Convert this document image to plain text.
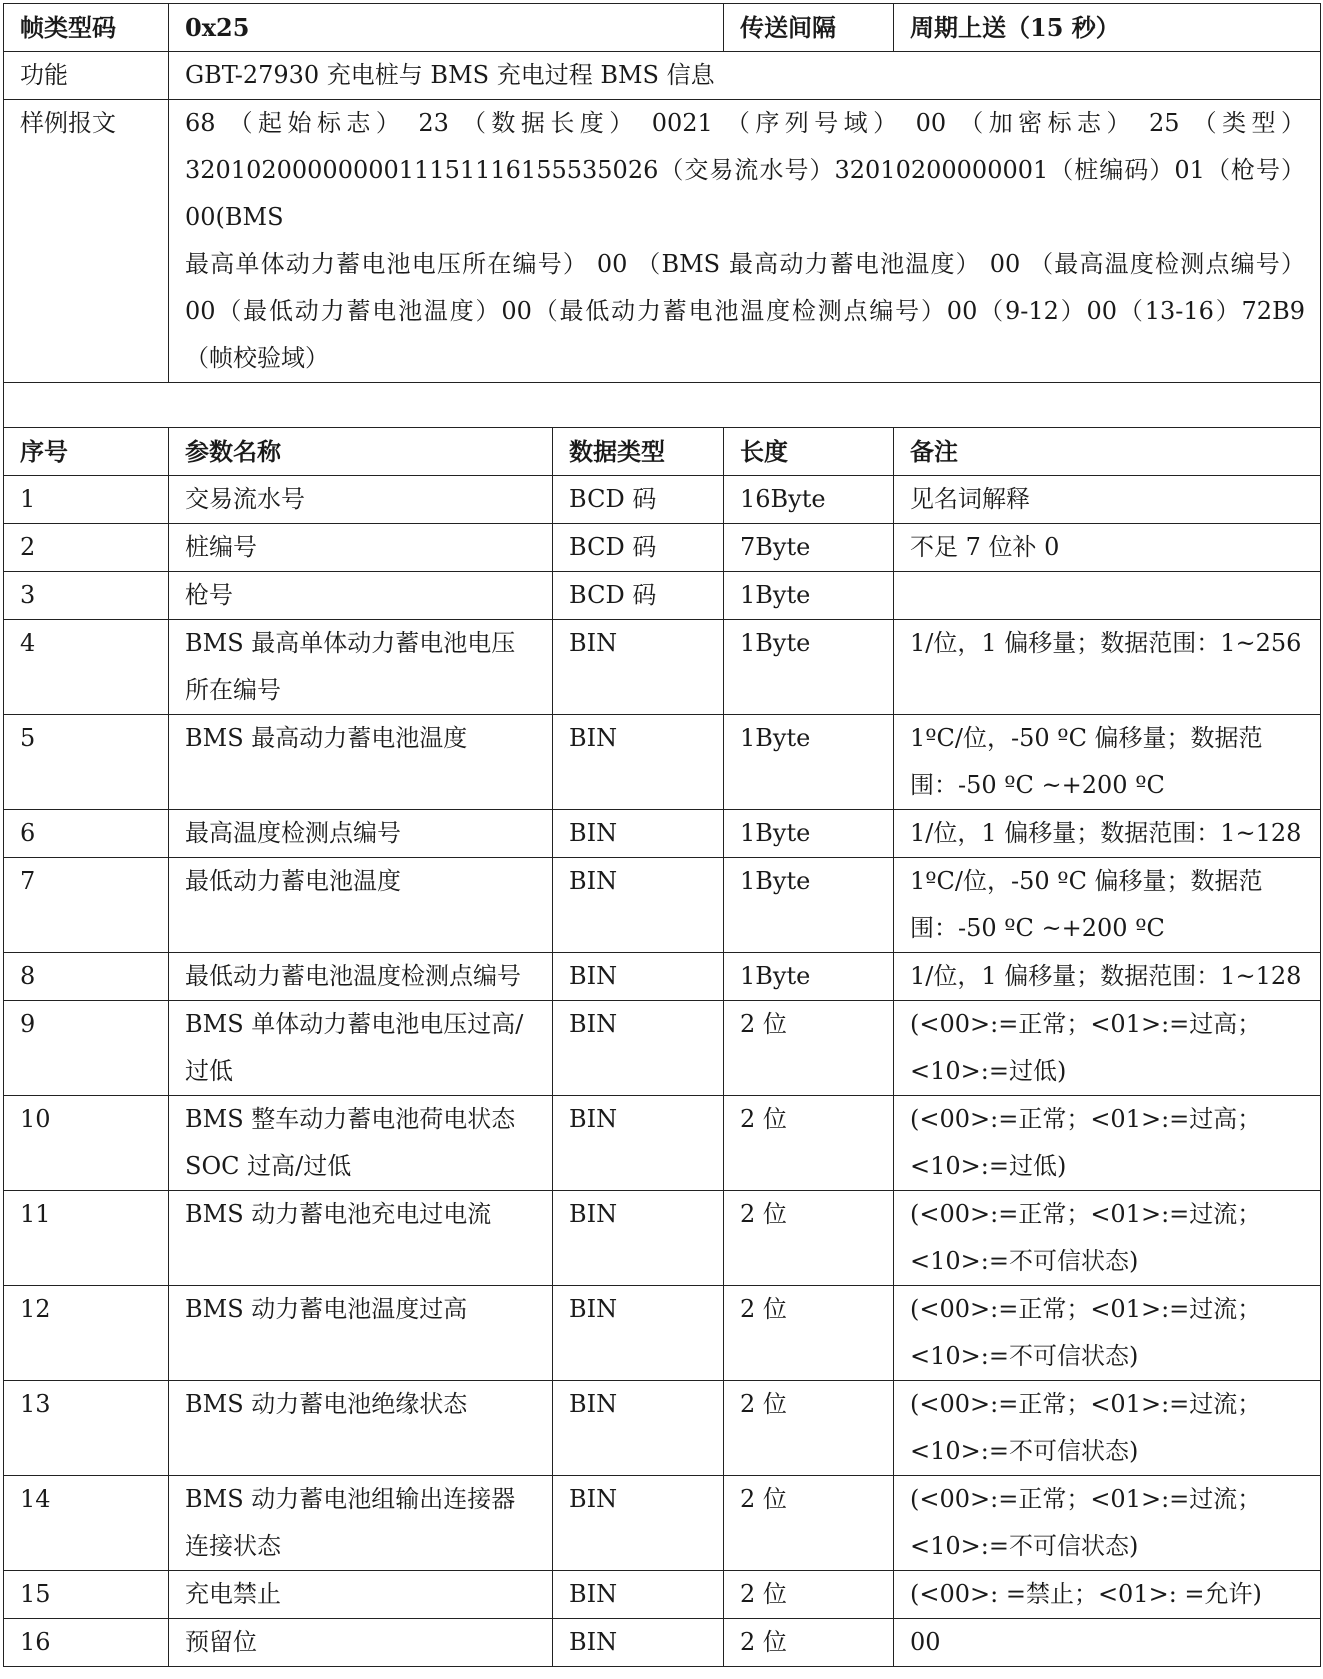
帧类型码	0x25		传送间隔	周期上送（15 秒）
功能	GBT-27930 充电桩与 BMS 充电过程 BMS 信息			
样例报文	68 （起始标志） 23 （数据长度） 0021 （序列号域） 00 （加密标志） 25 （类型）
3201020000000011151116155535026（交易流水号）32010200000001（桩编码）01（枪号）00(BMS
最高单体动力蓄电池电压所在编号） 00 （BMS 最高动力蓄电池温度） 00 （最高温度检测点编号）
00（最低动力蓄电池温度）00（最低动力蓄电池温度检测点编号）00（9-12）00（13-16）72B9
（帧校验域）			

序号	参数名称	数据类型	长度	备注
1	交易流水号	BCD 码	16Byte	见名词解释
2	桩编号	BCD 码	7Byte	不足 7 位补 0
3	枪号	BCD 码	1Byte	
4	BMS 最高单体动力蓄电池电压所在编号	BIN	1Byte	1/位，1 偏移量；数据范围：1~256
5	BMS 最高动力蓄电池温度	BIN	1Byte	1ºC/位，-50 ºC 偏移量；数据范围：-50 ºC ~+200 ºC
6	最高温度检测点编号	BIN	1Byte	1/位，1 偏移量；数据范围：1~128
7	最低动力蓄电池温度	BIN	1Byte	1ºC/位，-50 ºC 偏移量；数据范围：-50 ºC ~+200 ºC
8	最低动力蓄电池温度检测点编号	BIN	1Byte	1/位，1 偏移量；数据范围：1~128
9	BMS 单体动力蓄电池电压过高/过低	BIN	2 位	(<00>:=正常；<01>:=过高；<10>:=过低)
10	BMS 整车动力蓄电池荷电状态 SOC 过高/过低	BIN	2 位	(<00>:=正常；<01>:=过高；<10>:=过低)
11	BMS 动力蓄电池充电过电流	BIN	2 位	(<00>:=正常；<01>:=过流；<10>:=不可信状态)
12	BMS 动力蓄电池温度过高	BIN	2 位	(<00>:=正常；<01>:=过流；<10>:=不可信状态)
13	BMS 动力蓄电池绝缘状态	BIN	2 位	(<00>:=正常；<01>:=过流；<10>:=不可信状态)
14	BMS 动力蓄电池组输出连接器连接状态	BIN	2 位	(<00>:=正常；<01>:=过流；<10>:=不可信状态)
15	充电禁止	BIN	2 位	(<00>: =禁止；<01>: =允许)
16	预留位	BIN	2 位	00
